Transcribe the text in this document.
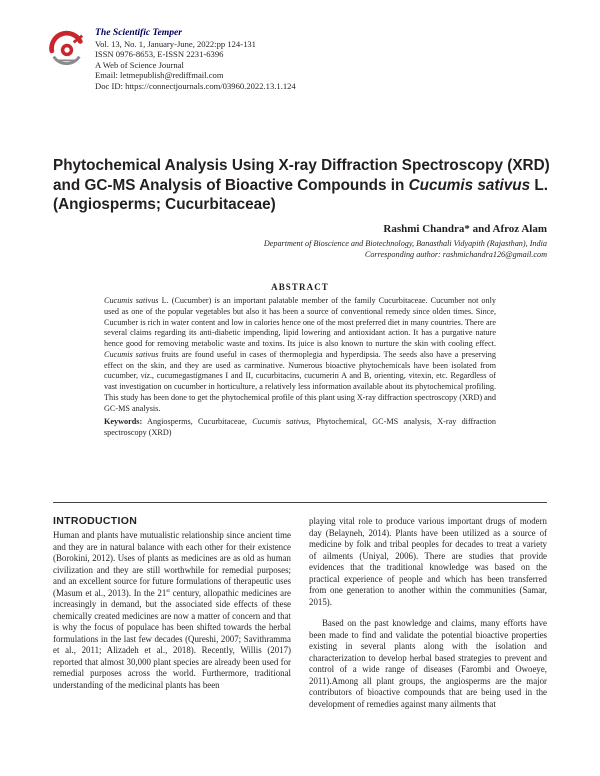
The Scientific Temper
Vol. 13, No. 1, January-June, 2022:pp 124-131
ISSN 0976-8653, E-ISSN 2231-6396
A Web of Science Journal
Email: letmepublish@rediffmail.com
Doc ID: https://connectjournals.com/03960.2022.13.1.124
Phytochemical Analysis Using X-ray Diffraction Spectroscopy (XRD) and GC-MS Analysis of Bioactive Compounds in Cucumis sativus L. (Angiosperms; Cucurbitaceae)
Rashmi Chandra* and Afroz Alam
Department of Bioscience and Biotechnology, Banasthali Vidyapith (Rajasthan), India
Corresponding author: rashmichandra126@gmail.com
ABSTRACT

Cucumis sativus L. (Cucumber) is an important palatable member of the family Cucurbitaceae. Cucumber not only used as one of the popular vegetables but also it has been a source of conventional remedy since olden times. Since, Cucumber is rich in water content and low in calories hence one of the most preferred diet in many countries. There are several claims regarding its anti-diabetic impending, lipid lowering and antioxidant action. It has a purgative nature hence good for removing metabolic waste and toxins. Its juice is also known to nurture the skin with cooling effect. Cucumis sativus fruits are found useful in cases of thermoplegia and hyperdipsia. The seeds also have a preserving effect on the skin, and they are used as carminative. Numerous bioactive phytochemicals have been isolated from cucumber, viz., cucumegastigmanes I and II, cucurbitacins, cucumerin A and B, orienting, vitexin, etc. Regardless of vast investigation on cucumber in horticulture, a relatively less information available about its phytochemical profiling. This study has been done to get the phytochemical profile of this plant using X-ray diffraction spectroscopy (XRD) and GC-MS analysis.

Keywords: Angiosperms, Cucurbitaceae, Cucumis sativus, Phytochemical, GC-MS analysis, X-ray diffraction spectroscopy (XRD)

INTRODUCTION

Human and plants have mutualistic relationship since ancient time and they are in natural balance with each other for their existence (Borokini, 2012). Uses of plants as medicines are as old as human civilization and they are still worthwhile for remedial purposes; and an excellent source for future formulations of therapeutic uses (Masum et al., 2013). In the 21st century, allopathic medicines are increasingly in demand, but the associated side effects of these chemically created medicines are now a matter of concern and that is why the focus of populace has been shifted towards the herbal formulations in the last few decades (Qureshi, 2007; Savithramma et al., 2011; Alizadeh et al., 2018). Recently, Willis (2017) reported that almost 30,000 plant species are already been used for remedial purposes across the world. Furthermore, traditional understanding of the medicinal plants has been

playing vital role to produce various important drugs of modern day (Belayneh, 2014). Plants have been utilized as a source of medicine by folk and tribal peoples for decades to treat a variety of ailments (Uniyal, 2006). There are studies that provide evidences that the traditional knowledge was based on the practical experience of people and which has been transferred from one generation to another within the communities (Samar, 2015).

Based on the past knowledge and claims, many efforts have been made to find and validate the potential bioactive properties existing in several plants along with the isolation and characterization to develop herbal based strategies to prevent and control of a wide range of diseases (Farombi and Owoeye, 2011).Among all plant groups, the angiosperms are the major contributors of bioactive compounds that are being used in the development of remedies against many ailments that
